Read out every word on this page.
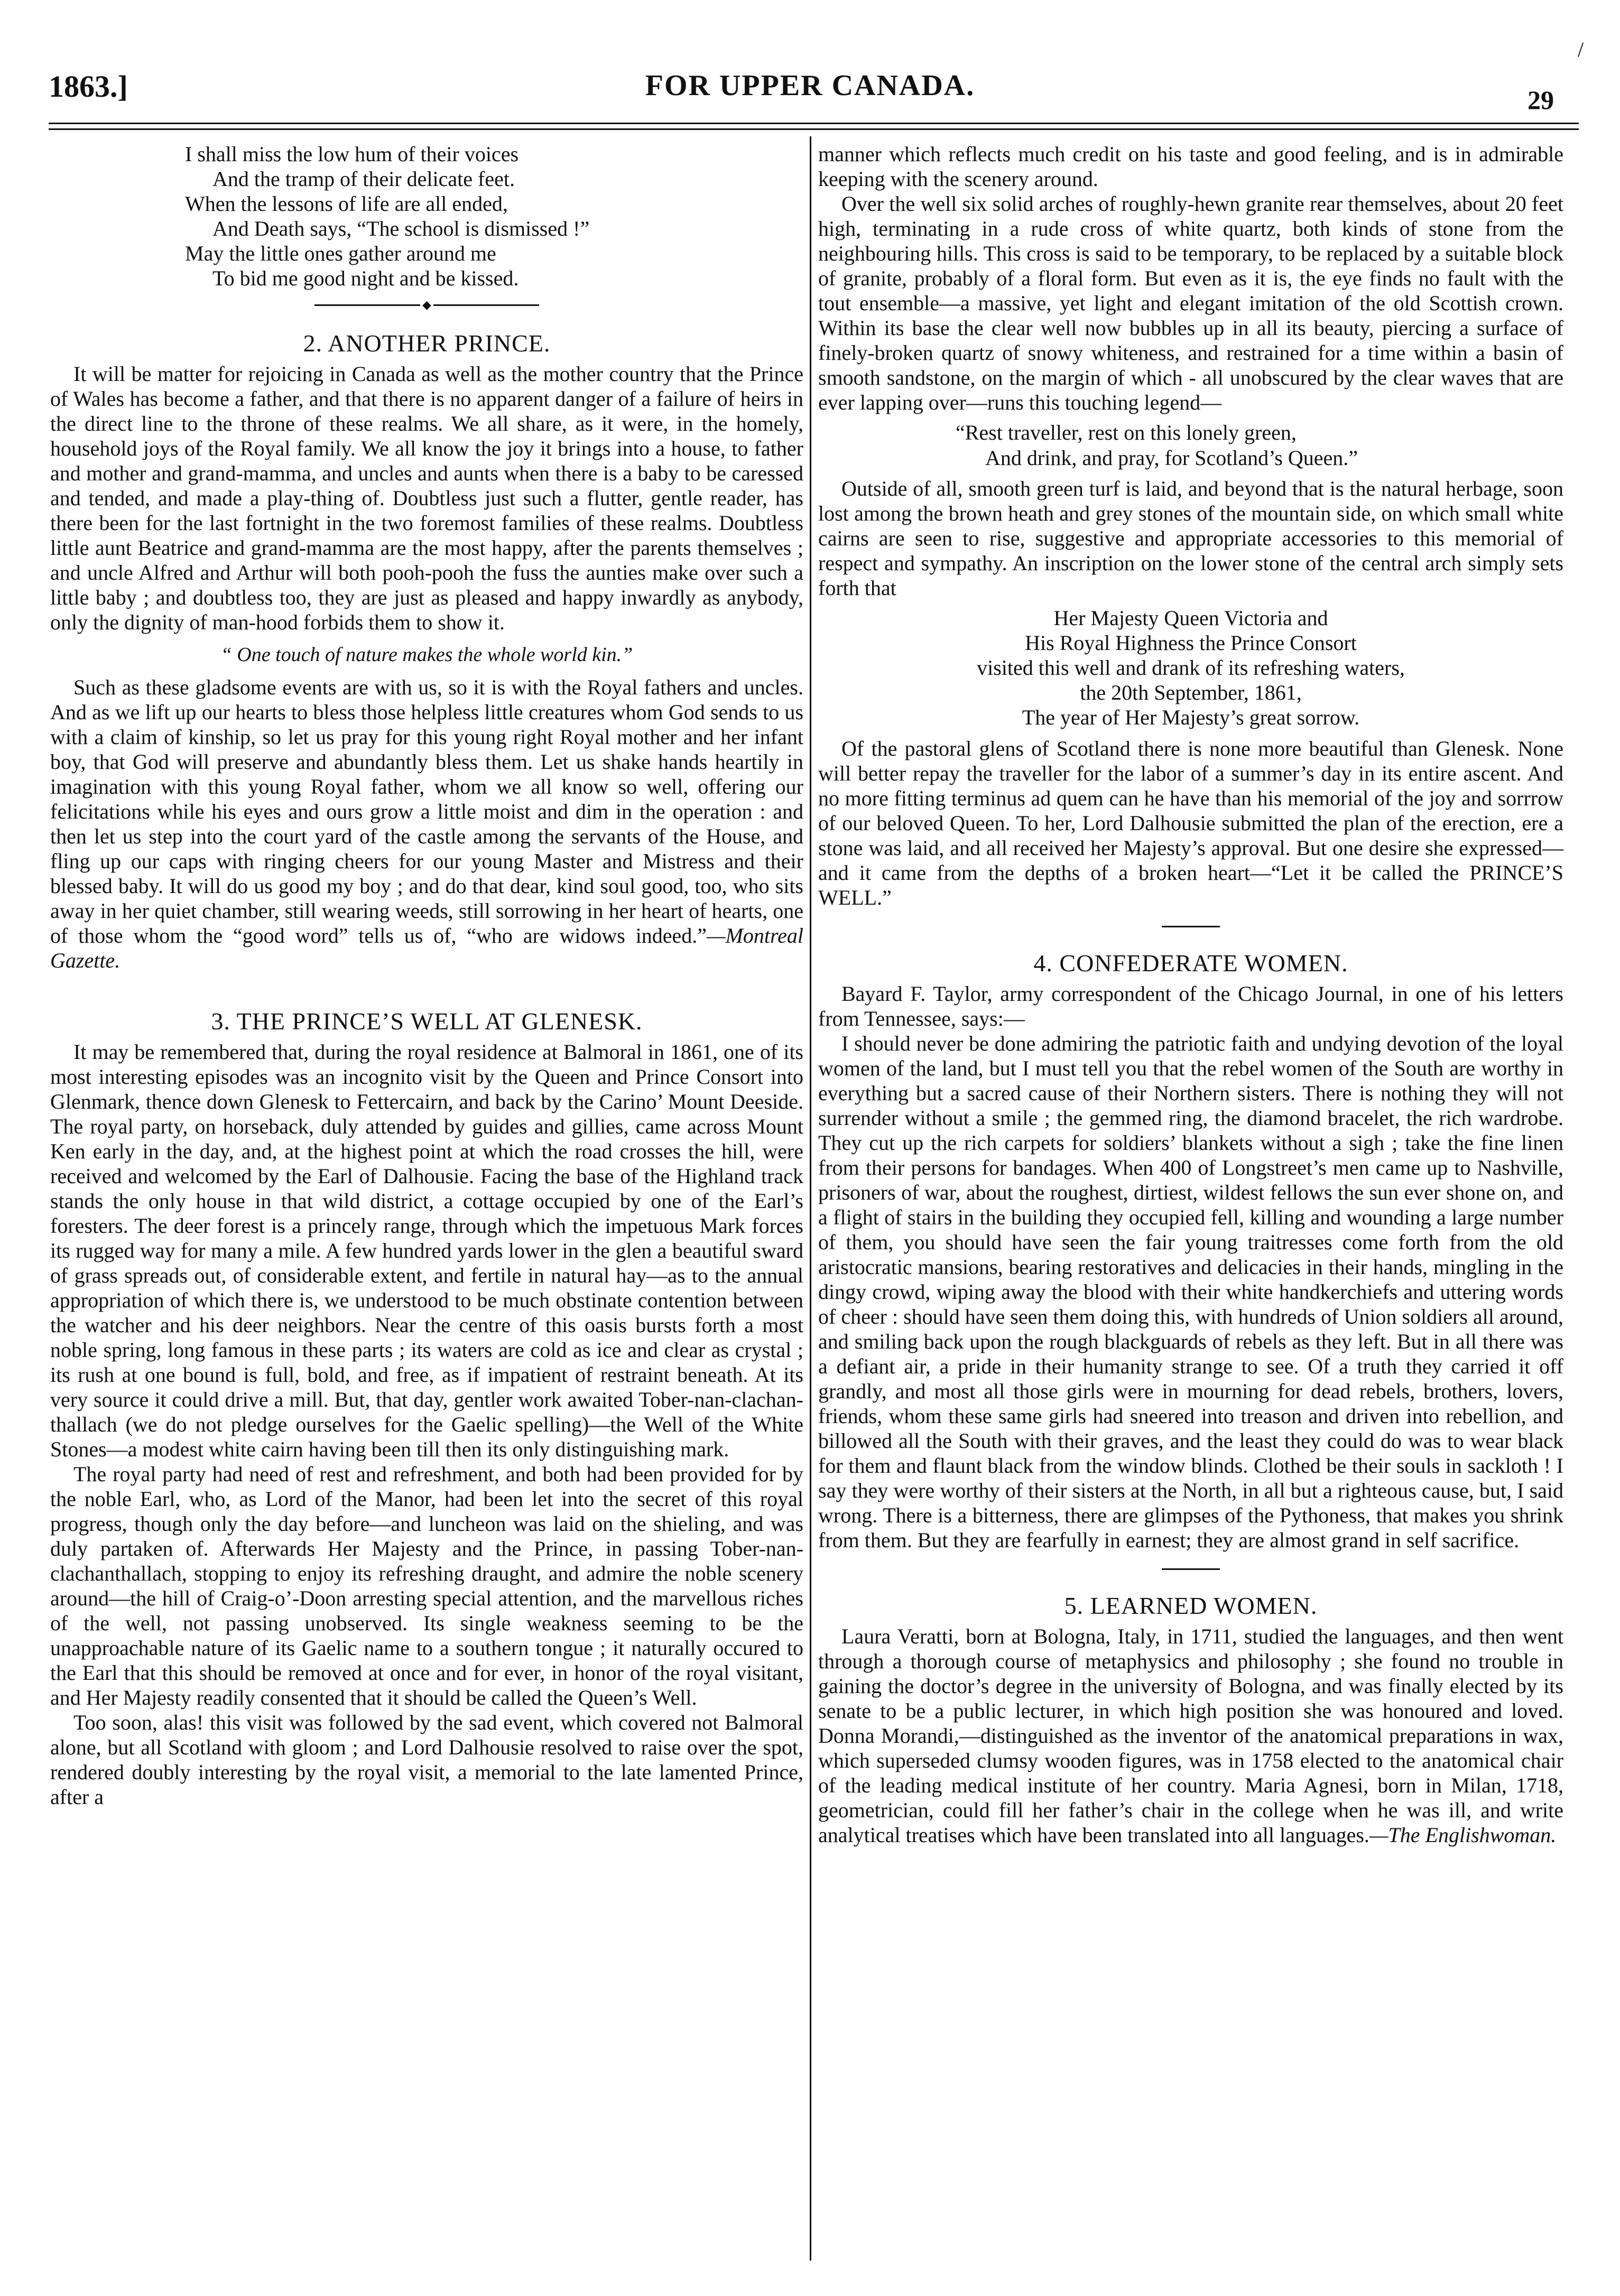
1863.]	FOR UPPER CANADA.	29
/
I shall miss the low hum of their voices
And the tramp of their delicate feet.
When the lessons of life are all ended,
And Death says, “The school is dismissed !”
May the little ones gather around me
To bid me good night and be kissed.
◆
2. ANOTHER PRINCE.

It will be matter for rejoicing in Canada as well as the mother country that the Prince of Wales has become a father, and that there is no apparent danger of a failure of heirs in the direct line to the throne of these realms. We all share, as it were, in the homely, household joys of the Royal family. We all know the joy it brings into a house, to father and mother and grand-mamma, and uncles and aunts when there is a baby to be caressed and tended, and made a play-thing of. Doubtless just such a flutter, gentle reader, has there been for the last fortnight in the two foremost families of these realms. Doubtless little aunt Beatrice and grand-mamma are the most happy, after the parents themselves ; and uncle Alfred and Arthur will both pooh-pooh the fuss the aunties make over such a little baby ; and doubtless too, they are just as pleased and happy inwardly as anybody, only the dignity of man-hood forbids them to show it.

“ One touch of nature makes the whole world kin.”

Such as these gladsome events are with us, so it is with the Royal fathers and uncles. And as we lift up our hearts to bless those helpless little creatures whom God sends to us with a claim of kinship, so let us pray for this young right Royal mother and her infant boy, that God will preserve and abundantly bless them. Let us shake hands heartily in imagination with this young Royal father, whom we all know so well, offering our felicitations while his eyes and ours grow a little moist and dim in the operation : and then let us step into the court yard of the castle among the servants of the House, and fling up our caps with ringing cheers for our young Master and Mistress and their blessed baby. It will do us good my boy ; and do that dear, kind soul good, too, who sits away in her quiet chamber, still wearing weeds, still sorrowing in her heart of hearts, one of those whom the “good word” tells us of, “who are widows indeed.”—Montreal Gazette.

3. THE PRINCE’S WELL AT GLENESK.

It may be remembered that, during the royal residence at Balmoral in 1861, one of its most interesting episodes was an incognito visit by the Queen and Prince Consort into Glenmark, thence down Glenesk to Fettercairn, and back by the Carino’ Mount Deeside. The royal party, on horseback, duly attended by guides and gillies, came across Mount Ken early in the day, and, at the highest point at which the road crosses the hill, were received and welcomed by the Earl of Dalhousie. Facing the base of the Highland track stands the only house in that wild district, a cottage occupied by one of the Earl’s foresters. The deer forest is a princely range, through which the impetuous Mark forces its rugged way for many a mile. A few hundred yards lower in the glen a beautiful sward of grass spreads out, of considerable extent, and fertile in natural hay—as to the annual appropriation of which there is, we understood to be much obstinate contention between the watcher and his deer neighbors. Near the centre of this oasis bursts forth a most noble spring, long famous in these parts ; its waters are cold as ice and clear as crystal ; its rush at one bound is full, bold, and free, as if impatient of restraint beneath. At its very source it could drive a mill. But, that day, gentler work awaited Tober-nan-clachan-thallach (we do not pledge ourselves for the Gaelic spelling)—the Well of the White Stones—a modest white cairn having been till then its only distinguishing mark.

The royal party had need of rest and refreshment, and both had been provided for by the noble Earl, who, as Lord of the Manor, had been let into the secret of this royal progress, though only the day before—and luncheon was laid on the shieling, and was duly partaken of. Afterwards Her Majesty and the Prince, in passing Tober-nan-clachanthallach, stopping to enjoy its refreshing draught, and admire the noble scenery around—the hill of Craig-o’-Doon arresting special attention, and the marvellous riches of the well, not passing unobserved. Its single weakness seeming to be the unapproachable nature of its Gaelic name to a southern tongue ; it naturally occured to the Earl that this should be removed at once and for ever, in honor of the royal visitant, and Her Majesty readily consented that it should be called the Queen’s Well.

Too soon, alas! this visit was followed by the sad event, which covered not Balmoral alone, but all Scotland with gloom ; and Lord Dalhousie resolved to raise over the spot, rendered doubly interesting by the royal visit, a memorial to the late lamented Prince, after a

manner which reflects much credit on his taste and good feeling, and is in admirable keeping with the scenery around.

Over the well six solid arches of roughly-hewn granite rear themselves, about 20 feet high, terminating in a rude cross of white quartz, both kinds of stone from the neighbouring hills. This cross is said to be temporary, to be replaced by a suitable block of granite, probably of a floral form. But even as it is, the eye finds no fault with the tout ensemble—a massive, yet light and elegant imitation of the old Scottish crown. Within its base the clear well now bubbles up in all its beauty, piercing a surface of finely-broken quartz of snowy whiteness, and restrained for a time within a basin of smooth sandstone, on the margin of which - all unobscured by the clear waves that are ever lapping over—runs this touching legend—

“Rest traveller, rest on this lonely green,
And drink, and pray, for Scotland’s Queen.”

Outside of all, smooth green turf is laid, and beyond that is the natural herbage, soon lost among the brown heath and grey stones of the mountain side, on which small white cairns are seen to rise, suggestive and appropriate accessories to this memorial of respect and sympathy. An inscription on the lower stone of the central arch simply sets forth that

Her Majesty Queen Victoria and
His Royal Highness the Prince Consort
visited this well and drank of its refreshing waters,
the 20th September, 1861,
The year of Her Majesty’s great sorrow.

Of the pastoral glens of Scotland there is none more beautiful than Glenesk. None will better repay the traveller for the labor of a summer’s day in its entire ascent. And no more fitting terminus ad quem can he have than his memorial of the joy and sorrrow of our beloved Queen. To her, Lord Dalhousie submitted the plan of the erection, ere a stone was laid, and all received her Majesty’s approval. But one desire she expressed—and it came from the depths of a broken heart—“Let it be called the PRINCE’S WELL.”

4. CONFEDERATE WOMEN.

Bayard F. Taylor, army correspondent of the Chicago Journal, in one of his letters from Tennessee, says:—

I should never be done admiring the patriotic faith and undying devotion of the loyal women of the land, but I must tell you that the rebel women of the South are worthy in everything but a sacred cause of their Northern sisters. There is nothing they will not surrender without a smile ; the gemmed ring, the diamond bracelet, the rich wardrobe. They cut up the rich carpets for soldiers’ blankets without a sigh ; take the fine linen from their persons for bandages. When 400 of Longstreet’s men came up to Nashville, prisoners of war, about the roughest, dirtiest, wildest fellows the sun ever shone on, and a flight of stairs in the building they occupied fell, killing and wounding a large number of them, you should have seen the fair young traitresses come forth from the old aristocratic mansions, bearing restoratives and delicacies in their hands, mingling in the dingy crowd, wiping away the blood with their white handkerchiefs and uttering words of cheer : should have seen them doing this, with hundreds of Union soldiers all around, and smiling back upon the rough blackguards of rebels as they left. But in all there was a defiant air, a pride in their humanity strange to see. Of a truth they carried it off grandly, and most all those girls were in mourning for dead rebels, brothers, lovers, friends, whom these same girls had sneered into treason and driven into rebellion, and billowed all the South with their graves, and the least they could do was to wear black for them and flaunt black from the window blinds. Clothed be their souls in sackloth ! I say they were worthy of their sisters at the North, in all but a righteous cause, but, I said wrong. There is a bitterness, there are glimpses of the Pythoness, that makes you shrink from them. But they are fearfully in earnest; they are almost grand in self sacrifice.

5. LEARNED WOMEN.

Laura Veratti, born at Bologna, Italy, in 1711, studied the languages, and then went through a thorough course of metaphysics and philosophy ; she found no trouble in gaining the doctor’s degree in the university of Bologna, and was finally elected by its senate to be a public lecturer, in which high position she was honoured and loved. Donna Morandi,—distinguished as the inventor of the anatomical preparations in wax, which superseded clumsy wooden figures, was in 1758 elected to the anatomical chair of the leading medical institute of her country. Maria Agnesi, born in Milan, 1718, geometrician, could fill her father’s chair in the college when he was ill, and write analytical treatises which have been translated into all languages.—The Englishwoman.
